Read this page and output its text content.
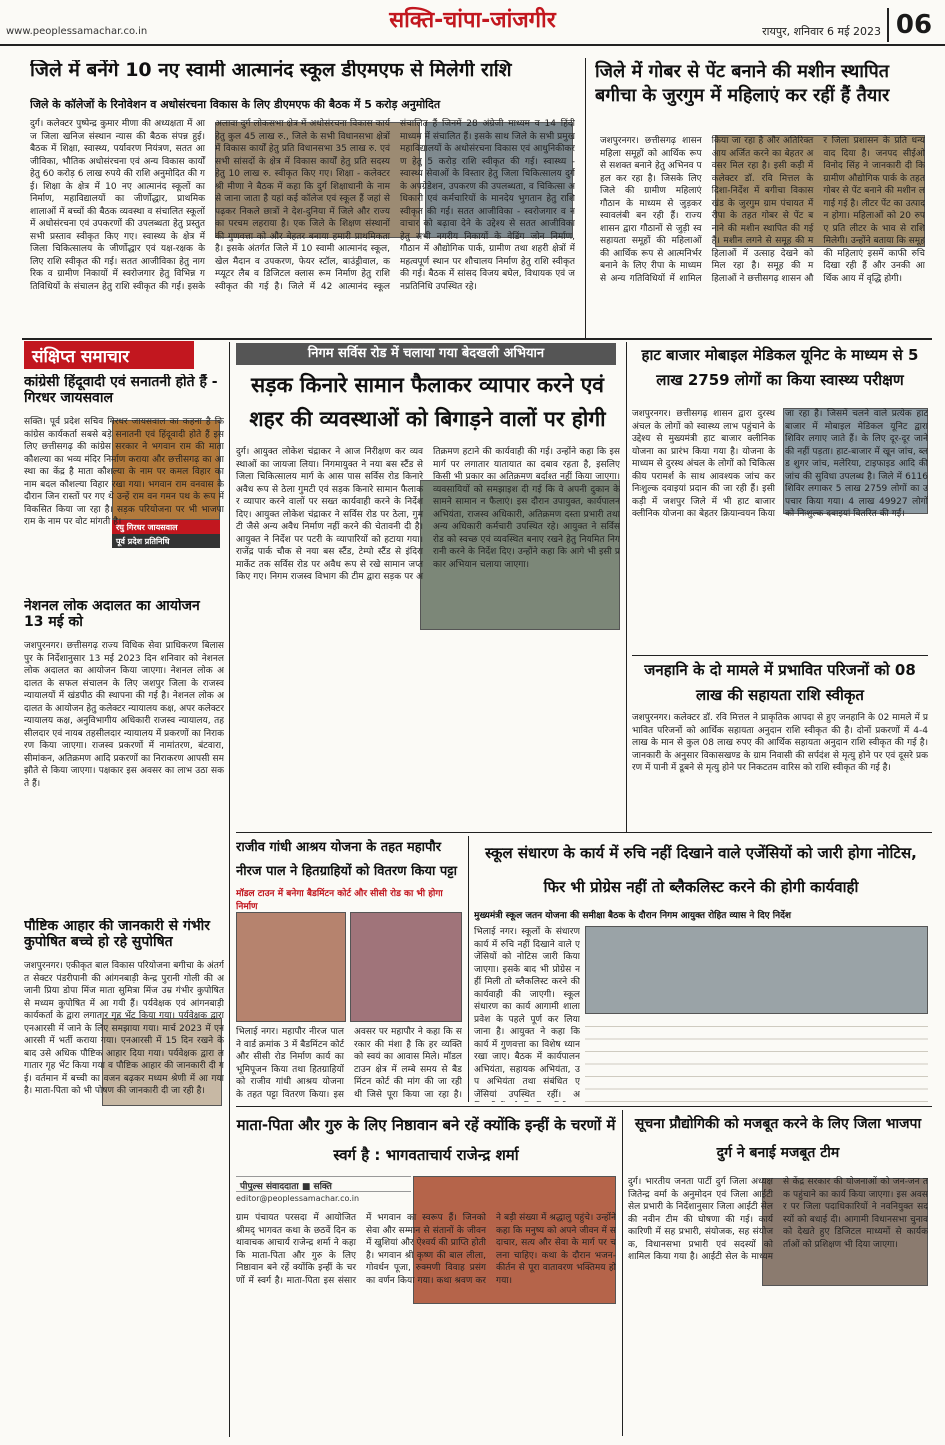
www.peoplessamachar.co.in	सक्ति-चांपा-जांजगीर	रायपुर, शनिवार 6 मई 2023 06
जिले में बनेंगे 10 नए स्वामी आत्मानंद स्कूल डीएमएफ से मिलेगी राशि
जिले के कॉलेजों के रिनोवेशन व अधोसंरचना विकास के लिए डीएमएफ की बैठक में 5 करोड़ अनुमोदित
दुर्ग। कलेक्टर पुष्पेन्द्र कुमार मीणा की अध्यक्षता में आज जिला खनिज संस्थान न्यास की बैठक संपन्न हुई। बैठक में शिक्षा, स्वास्थ्य, पर्यावरण नियंत्रण, सतत आजीविका, भौतिक अधोसंरचना एवं अन्य विकास कार्यों हेतु 60 करोड़ 6 लाख रुपये की राशि अनुमोदित की गई। शिक्षा के क्षेत्र में 10 नए आत्मानंद स्कूलों का निर्माण, महाविद्यालयों का जीर्णोद्धार, प्राथमिक शालाओं में बच्चों की बैठक व्यवस्था व संचालित स्कूलों में अधोसंरचना एवं उपकरणों की उपलब्धता हेतु प्रस्तुत सभी प्रस्ताव स्वीकृत किए गए। स्वास्थ्य के क्षेत्र में जिला चिकित्सालय के जीर्णोद्धार एवं यक्ष-रक्षक के लिए राशि स्वीकृत की गई। सतत आजीविका हेतु नागरिक व ग्रामीण निकायों में स्वरोजगार हेतु विभिन्न गतिविधियों के संचालन हेतु राशि स्वीकृत की गई। इसके अलावा दुर्ग लोकसभा क्षेत्र में अधोसंरचना विकास कार्य हेतु कुल 45 लाख रु., जिले के सभी विधानसभा क्षेत्रों में विकास कार्यों हेतु प्रति विधानसभा 35 लाख रु. एवं सभी सांसदों के क्षेत्र में विकास कार्यों हेतु प्रति सदस्य हेतु 10 लाख रु. स्वीकृत किए गए। शिक्षा - कलेक्टर श्री मीणा ने बैठक में कहा कि दुर्ग शिक्षाधानी के नाम से जाना जाता है यहां कई कॉलेज एवं स्कूल हैं जहां से पढ़कर निकले छात्रों ने देश-दुनिया में जिले और राज्य का परचम लहराया है। एक जिले के शिक्षण संस्थानों की गुणवत्ता को और बेहतर बनाया हमारी प्राथमिकता है। इसके अंतर्गत जिले में 10 स्वामी आत्मानंद स्कूल, खेल मैदान व उपकरण, फेयर स्टॉल, बाउंड्रीवाल, कम्प्यूटर लैब व डिजिटल क्लास रूम निर्माण हेतु राशि स्वीकृत की गई है। जिले में 42 आत्मानंद स्कूल संचालित हैं जिनमें 28 अंग्रेजी माध्यम व 14 हिंदी माध्यम में संचालित हैं। इसके साथ जिले के सभी प्रमुख महाविद्यालयों के अधोसंरचना विकास एवं आधुनिकीकरण हेतु 5 करोड़ राशि स्वीकृत की गई। स्वास्थ्य - स्वास्थ्य सेवाओं के विस्तार हेतु जिला चिकित्सालय दुर्ग के अपग्रेडेशन, उपकरण की उपलब्धता, व चिकित्सा अधिकारी एवं कर्मचारियों के मानदेय भुगतान हेतु राशि स्वीकृत की गई। सतत आजीविका - स्वरोजगार व नवाचार को बढ़ावा देने के उद्देश्य से सतत आजीविका हेतु सभी नगरीय निकायों के वेडिंग जोन निर्माण, गौठान में औद्योगिक पार्क, ग्रामीण तथा शहरी क्षेत्रों में महत्वपूर्ण स्थान पर शौचालय निर्माण हेतु राशि स्वीकृत की गई। बैठक में सांसद विजय बघेल, विधायक एवं जनप्रतिनिधि उपस्थित रहे।
जिले में गोबर से पेंट बनाने की मशीन स्थापित बगीचा के जुरगुम में महिलाएं कर रहीं हैं तैयार
जशपुरनगर। छत्तीसगढ़ शासन महिला समूहों को आर्थिक रूप से सशक्त बनाने हेतु अभिनव पहल कर रहा है। जिसके लिए जिले की ग्रामीण महिलाएं गौठान के माध्यम से जुड़कर स्वावलंबी बन रही हैं। राज्य शासन द्वारा गौठानों से जुड़ी स्व सहायता समूहों की महिलाओं की आर्थिक रूप से आत्मनिर्भर बनाने के लिए रीपा के माध्यम से अन्य गतिविधियों में शामिल किया जा रहा है और अतिरिक्त आय अर्जित करने का बेहतर अवसर मिल रहा है। इसी कड़ी में कलेक्टर डॉ. रवि मित्तल के दिशा-निर्देश में बगीचा विकासखंड के जुरगुम ग्राम पंचायत में रीपा के तहत गोबर से पेंट बनाने की मशीन स्थापित की गई है। मशीन लगने से समूह की महिलाओं में उत्साह देखने को मिल रहा है। समूह की महिलाओं ने छत्तीसगढ़ शासन और जिला प्रशासन के प्रति धन्यवाद दिया है। जनपद सीईओ विनोद सिंह ने जानकारी दी कि ग्रामीण औद्योगिक पार्क के तहत गोबर से पेंट बनाने की मशीन लगाई गई है। लीटर पेंट का उत्पादन होगा। महिलाओं को 20 रुपए प्रति लीटर के भाव से राशि मिलेगी। उन्होंने बताया कि समूह की महिलाएं इसमें काफी रुचि दिखा रही हैं और उनकी आर्थिक आय में वृद्धि होगी।
संक्षिप्त समाचार
कांग्रेसी हिंदूवादी एवं सनातनी होते हैं - गिरधर जायसवाल
रघु गिरधर जायसवाल
पूर्व प्रदेश प्रतिनिधि
सक्ति। पूर्व प्रदेश सचिव गिरधर जायसवाल का कहना है कि कांग्रेस कार्यकर्ता सबसे बड़े सनातनी एवं हिंदूवादी होते हैं इसलिए छत्तीसगढ़ की कांग्रेस सरकार ने भगवान राम की माता कौशल्या का भव्य मंदिर निर्माण कराया और छत्तीसगढ़ का आस्था का केंद्र है माता कौशल्या के नाम पर कमल विहार का नाम बदल कौशल्या विहार रखा गया। भगवान राम वनवास के दौरान जिन रास्तों पर गए थे उन्हें राम वन गमन पथ के रूप में विकसित किया जा रहा है। सड़क परियोजना पर भी भाजपा राम के नाम पर वोट मांगती है।
नेशनल लोक अदालत का आयोजन 13 मई को
जशपुरनगर। छत्तीसगढ़ राज्य विधिक सेवा प्राधिकरण बिलासपुर के निर्देशानुसार 13 मई 2023 दिन शनिवार को नेशनल लोक अदालत का आयोजन किया जाएगा। नेशनल लोक अदालत के सफल संचालन के लिए जशपुर जिला के राजस्व न्यायालयों में खंडपीठ की स्थापना की गई है। नेशनल लोक अदालत के आयोजन हेतु कलेक्टर न्यायालय कक्ष, अपर कलेक्टर न्यायालय कक्ष, अनुविभागीय अधिकारी राजस्व न्यायालय, तहसीलदार एवं नायब तहसीलदार न्यायालय में प्रकरणों का निराकरण किया जाएगा। राजस्व प्रकरणों में नामांतरण, बंटवारा, सीमांकन, अतिक्रमण आदि प्रकरणों का निराकरण आपसी समझौते से किया जाएगा। पक्षकार इस अवसर का लाभ उठा सकते हैं।
पौष्टिक आहार की जानकारी से गंभीर कुपोषित बच्चे हो रहे सुपोषित
जशपुरनगर। एकीकृत बाल विकास परियोजना बगीचा के अंतर्गत सेक्टर पंडरीपानी की आंगनबाड़ी केन्द्र पुरानी गोली की अजानी प्रिया डोपा मिंज माता सुमित्रा मिंज उम्र गंभीर कुपोषित से मध्यम कुपोषित में आ गयी हैं। पर्यवेक्षक एवं आंगनबाड़ी कार्यकर्ता के द्वारा लगातार गृह भेंट किया गया। पर्यवेक्षक द्वारा एनआरसी में जाने के लिए समझाया गया। मार्च 2023 में एनआरसी में भर्ती कराया गया। एनआरसी में 15 दिन रखने के बाद उसे अधिक पौष्टिक आहार दिया गया। पर्यवेक्षक द्वारा लगातार गृह भेंट किया गया व पौष्टिक आहार की जानकारी दी गई। वर्तमान में बच्ची का वजन बढ़कर मध्यम श्रेणी में आ गया है। माता-पिता को भी पोषण की जानकारी दी जा रही है।
निगम सर्विस रोड में चलाया गया बेदखली अभियान
सड़क किनारे सामान फैलाकर व्यापार करने एवं शहर की व्यवस्थाओं को बिगाड़ने वालों पर होगी
दुर्ग। आयुक्त लोकेश चंद्राकर ने आज निरीक्षण कर व्यवस्थाओं का जायजा लिया। निगमायुक्त ने नया बस स्टैंड से जिला चिकित्सालय मार्ग के आस पास सर्विस रोड किनारे अवैध रूप से ठेला गुमटी एवं सड़क किनारे सामान फैलाकर व्यापार करने वालों पर सख्त कार्यवाही करने के निर्देश दिए। आयुक्त लोकेश चंद्राकर ने सर्विस रोड पर ठेला, गुमटी जैसे अन्य अवैध निर्माण नहीं करने की चेतावनी दी है। आयुक्त ने निर्देश पर पटरी के व्यापारियों को हटाया गया। राजेंद्र पार्क चौक से नया बस स्टैंड, टेम्पो स्टैंड से इंदिरा मार्केट तक सर्विस रोड पर अवैध रूप से रखे सामान जप्त किए गए। निगम राजस्व विभाग की टीम द्वारा सड़क पर अतिक्रमण हटाने की कार्यवाही की गई। उन्होंने कहा कि इस मार्ग पर लगातार यातायात का दबाव रहता है, इसलिए किसी भी प्रकार का अतिक्रमण बर्दाश्त नहीं किया जाएगा। व्यवसायियों को समझाइश दी गई कि वे अपनी दुकान के सामने सामान न फैलाएं। इस दौरान उपायुक्त, कार्यपालन अभियंता, राजस्व अधिकारी, अतिक्रमण दस्ता प्रभारी तथा अन्य अधिकारी कर्मचारी उपस्थित रहे। आयुक्त ने सर्विस रोड को स्वच्छ एवं व्यवस्थित बनाए रखने हेतु नियमित निगरानी करने के निर्देश दिए। उन्होंने कहा कि आगे भी इसी प्रकार अभियान चलाया जाएगा।
हाट बाजार मोबाइल मेडिकल यूनिट के माध्यम से 5 लाख 2759 लोगों का किया स्वास्थ्य परीक्षण
जशपुरनगर। छत्तीसगढ़ शासन द्वारा दुरस्थ अंचल के लोगों को स्वास्थ्य लाभ पहुंचाने के उद्देश्य से मुख्यमंत्री हाट बाजार क्लीनिक योजना का प्रारंभ किया गया है। योजना के माध्यम से दुरस्थ अंचल के लोगों को चिकित्सकीय परामर्श के साथ आवश्यक जांच कर निःशुल्क दवाइयां प्रदान की जा रही हैं। इसी कड़ी में जशपुर जिले में भी हाट बाजार क्लीनिक योजना का बेहतर क्रियान्वयन किया जा रहा है। जिसमें चलने वाले प्रत्येक हाट बाजार में मोबाइल मेडिकल यूनिट द्वारा शिविर लगाए जाते हैं। के लिए दूर-दूर जाने की नहीं पड़ता। हाट-बाजार में खून जांच, ब्लड शुगर जांच, मलेरिया, टाइफाइड आदि की जांच की सुविधा उपलब्ध है। जिले में 6116 शिविर लगाकर 5 लाख 2759 लोगों का उपचार किया गया। 4 लाख 49927 लोगों को निःशुल्क दवाइयां वितरित की गईं।
जनहानि के दो मामले में प्रभावित परिजनों को 08 लाख की सहायता राशि स्वीकृत
जशपुरनगर। कलेक्टर डॉ. रवि मित्तल ने प्राकृतिक आपदा से हुए जनहानि के 02 मामले में प्रभावित परिजनों को आर्थिक सहायता अनुदान राशि स्वीकृत की है। दोनों प्रकरणों में 4-4 लाख के मान से कुल 08 लाख रुपए की आर्थिक सहायता अनुदान राशि स्वीकृत की गई है। जानकारी के अनुसार विकासखण्ड के ग्राम निवासी की सर्पदंश से मृत्यु होने पर एवं दूसरे प्रकरण में पानी में डूबने से मृत्यु होने पर निकटतम वारिस को राशि स्वीकृत की गई है।
राजीव गांधी आश्रय योजना के तहत महापौर नीरज पाल ने हितग्राहियों को वितरण किया पट्टा
मॉडल टाउन में बनेगा बैडमिंटन कोर्ट और सीसी रोड का भी होगा निर्माण
भिलाई नगर। महापौर नीरज पाल ने वार्ड क्रमांक 3 में बैडमिंटन कोर्ट और सीसी रोड निर्माण कार्य का भूमिपूजन किया तथा हितग्राहियों को राजीव गांधी आश्रय योजना के तहत पट्टा वितरण किया। इस अवसर पर महापौर ने कहा कि सरकार की मंशा है कि हर व्यक्ति को स्वयं का आवास मिले। मॉडल टाउन क्षेत्र में लम्बे समय से बैडमिंटन कोर्ट की मांग की जा रही थी जिसे पूरा किया जा रहा है।
स्कूल संधारण के कार्य में रुचि नहीं दिखाने वाले एजेंसियों को जारी होगा नोटिस, फिर भी प्रोग्रेस नहीं तो ब्लैकलिस्ट करने की होगी कार्यवाही
मुख्यमंत्री स्कूल जतन योजना की समीक्षा बैठक के दौरान निगम आयुक्त रोहित व्यास ने दिए निर्देश
भिलाई नगर। स्कूलों के संधारण कार्य में रुचि नहीं दिखाने वाले एजेंसियों को नोटिस जारी किया जाएगा। इसके बाद भी प्रोग्रेस नहीं मिली तो ब्लैकलिस्ट करने की कार्यवाही की जाएगी। स्कूल संधारण का कार्य आगामी शाला प्रवेश के पहले पूर्ण कर लिया जाना है। आयुक्त ने कहा कि कार्य में गुणवत्ता का विशेष ध्यान रखा जाए। बैठक में कार्यपालन अभियंता, सहायक अभियंता, उप अभियंता तथा संबंधित एजेंसियां उपस्थित रहीं। अ
माता-पिता और गुरु के लिए निष्ठावान बने रहें क्योंकि इन्हीं के चरणों में स्वर्ग है : भागवताचार्य राजेन्द्र शर्मा
पीपुल्स संवाददाता ■ सक्ति
editor@peoplessamachar.co.in
ग्राम पंचायत परसदा में आयोजित श्रीमद् भागवत कथा के छठवें दिन कथावाचक आचार्य राजेन्द्र शर्मा ने कहा कि माता-पिता और गुरु के लिए निष्ठावान बने रहें क्योंकि इन्हीं के चरणों में स्वर्ग है। माता-पिता इस संसार में भगवान का स्वरूप हैं। जिनको सेवा और सम्मान से संतानों के जीवन में खुशियां और ऐश्वर्य की प्राप्ति होती है। भगवान श्री कृष्ण की बाल लीला, गोवर्धन पूजा, रुक्मणी विवाह प्रसंग का वर्णन किया गया। कथा श्रवण करने बड़ी संख्या में श्रद्धालु पहुंचे। उन्होंने कहा कि मनुष्य को अपने जीवन में सदाचार, सत्य और सेवा के मार्ग पर चलना चाहिए। कथा के दौरान भजन-कीर्तन से पूरा वातावरण भक्तिमय हो गया।
सूचना प्रौद्योगिकी को मजबूत करने के लिए जिला भाजपा दुर्ग ने बनाई मजबूत टीम
दुर्ग। भारतीय जनता पार्टी दुर्ग जिला अध्यक्ष जितेन्द्र वर्मा के अनुमोदन एवं जिला आईटी सेल प्रभारी के निर्देशानुसार जिला आईटी सेल की नवीन टीम की घोषणा की गई। कार्यकारिणी में सह प्रभारी, संयोजक, सह संयोजक, विधानसभा प्रभारी एवं सदस्यों को शामिल किया गया है। आईटी सेल के माध्यम से केंद्र सरकार की योजनाओं को जन-जन तक पहुंचाने का कार्य किया जाएगा। इस अवसर पर जिला पदाधिकारियों ने नवनियुक्त सदस्यों को बधाई दी। आगामी विधानसभा चुनाव को देखते हुए डिजिटल माध्यमों से कार्यकर्ताओं को प्रशिक्षण भी दिया जाएगा।
